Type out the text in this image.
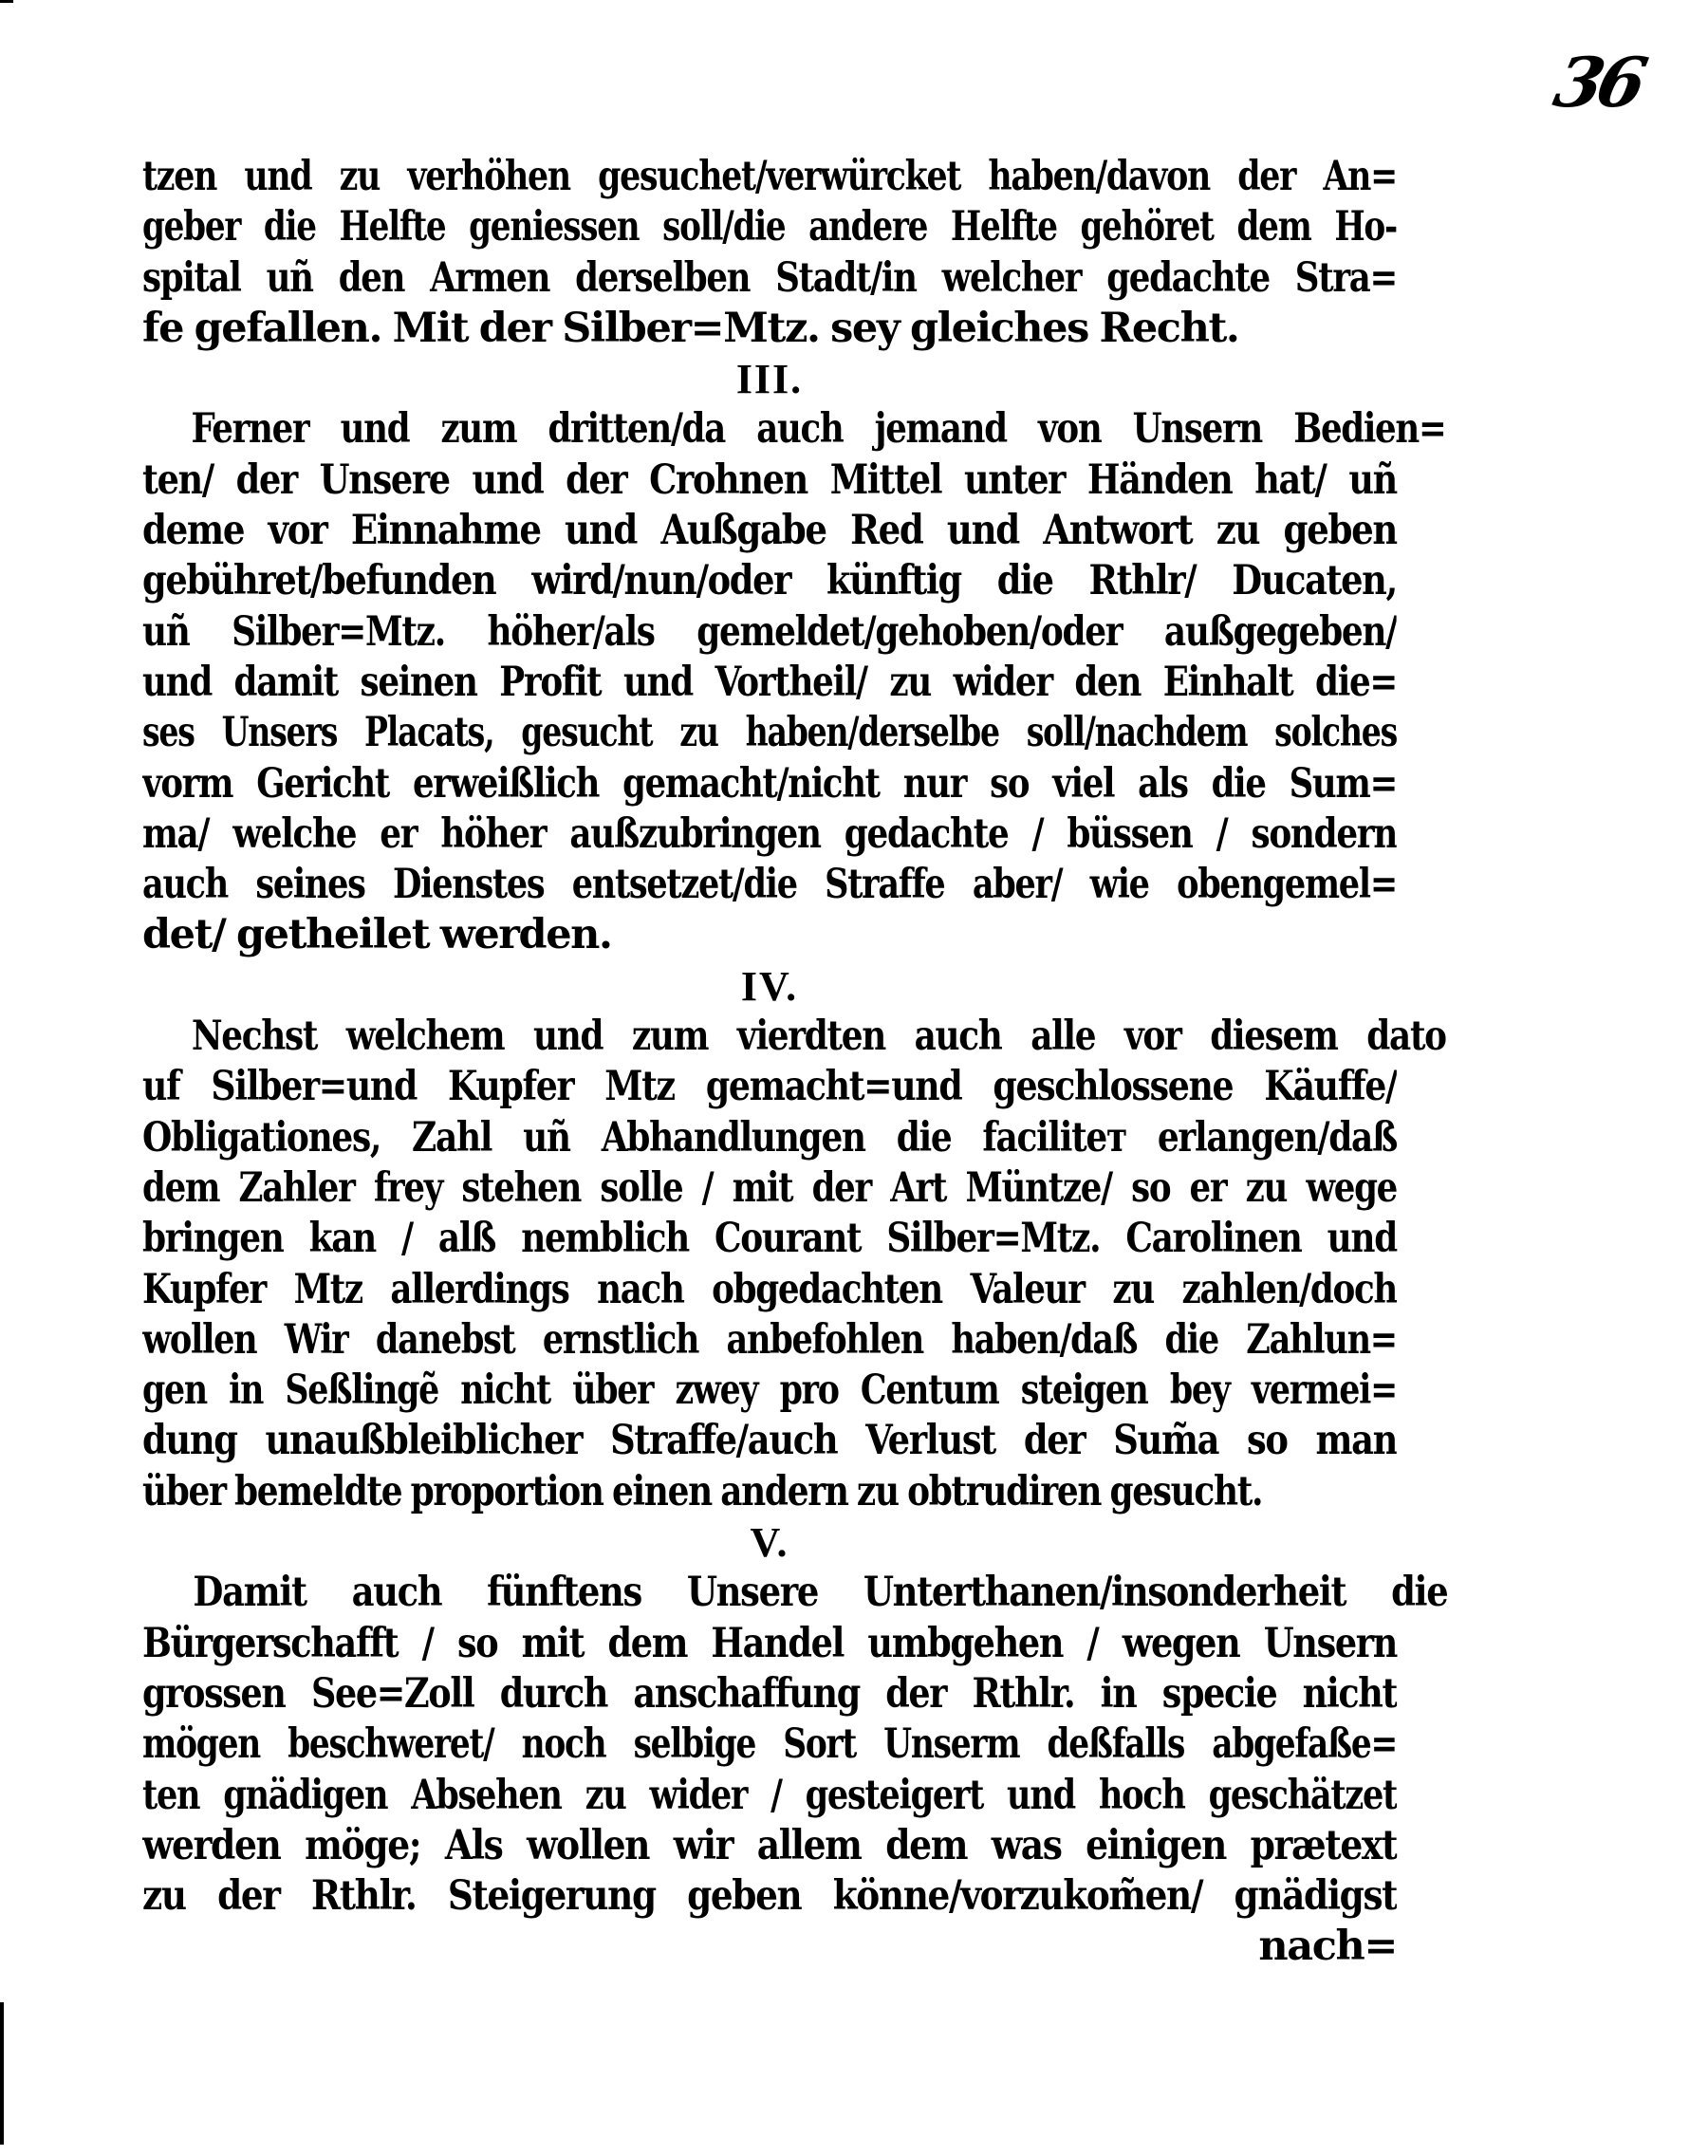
36
tzen und zu verhöhen gesuchet/verwürcket haben/davon der An=
geber die Helfte geniessen soll/die andere Helfte gehöret dem Ho-
spital uñ den Armen derselben Stadt/in welcher gedachte Stra=
fe gefallen. Mit der Silber=Mtz. sey gleiches Recht.
III.
Ferner und zum dritten/da auch jemand von Unsern Bedien=
ten/ der Unsere und der Crohnen Mittel unter Händen hat/ uñ
deme vor Einnahme und Außgabe Red und Antwort zu geben
gebühret/befunden wird/nun/oder künftig die Rthlr/ Ducaten,
uñ Silber=Mtz. höher/als gemeldet/gehoben/oder außgegeben/
und damit seinen Profit und Vortheil/ zu wider den Einhalt die=
ses Unsers Placats, gesucht zu haben/derselbe soll/nachdem solches
vorm Gericht erweißlich gemacht/nicht nur so viel als die Sum=
ma/ welche er höher außzubringen gedachte / büssen / sondern
auch seines Dienstes entsetzet/die Straffe aber/ wie obengemel=
det/ getheilet werden.
IV.
Nechst welchem und zum vierdten auch alle vor diesem dato
uf Silber=und Kupfer Mtz gemacht=und geschlossene Käuffe/
Obligationes, Zahl uñ Abhandlungen die faciliteт erlangen/daß
dem Zahler frey stehen solle / mit der Art Müntze/ so er zu wege
bringen kan / alß nemblich Courant Silber=Mtz. Carolinen und
Kupfer Mtz allerdings nach obgedachten Valeur zu zahlen/doch
wollen Wir danebst ernstlich anbefohlen haben/daß die Zahlun=
gen in Seßlingẽ nicht über zwey pro Centum steigen bey vermei=
dung unaußbleiblicher Straffe/auch Verlust der Sum̃a so man
über bemeldte proportion einen andern zu obtrudiren gesucht.
V.
Damit auch fünftens Unsere Unterthanen/insonderheit die
Bürgerschafft / so mit dem Handel umbgehen / wegen Unsern
grossen See=Zoll durch anschaffung der Rthlr. in specie nicht
mögen beschweret/ noch selbige Sort Unserm deßfalls abgefaße=
ten gnädigen Absehen zu wider / gesteigert und hoch geschätzet
werden möge; Als wollen wir allem dem was einigen prætext
zu der Rthlr. Steigerung geben könne/vorzukom̃en/ gnädigst
nach=
